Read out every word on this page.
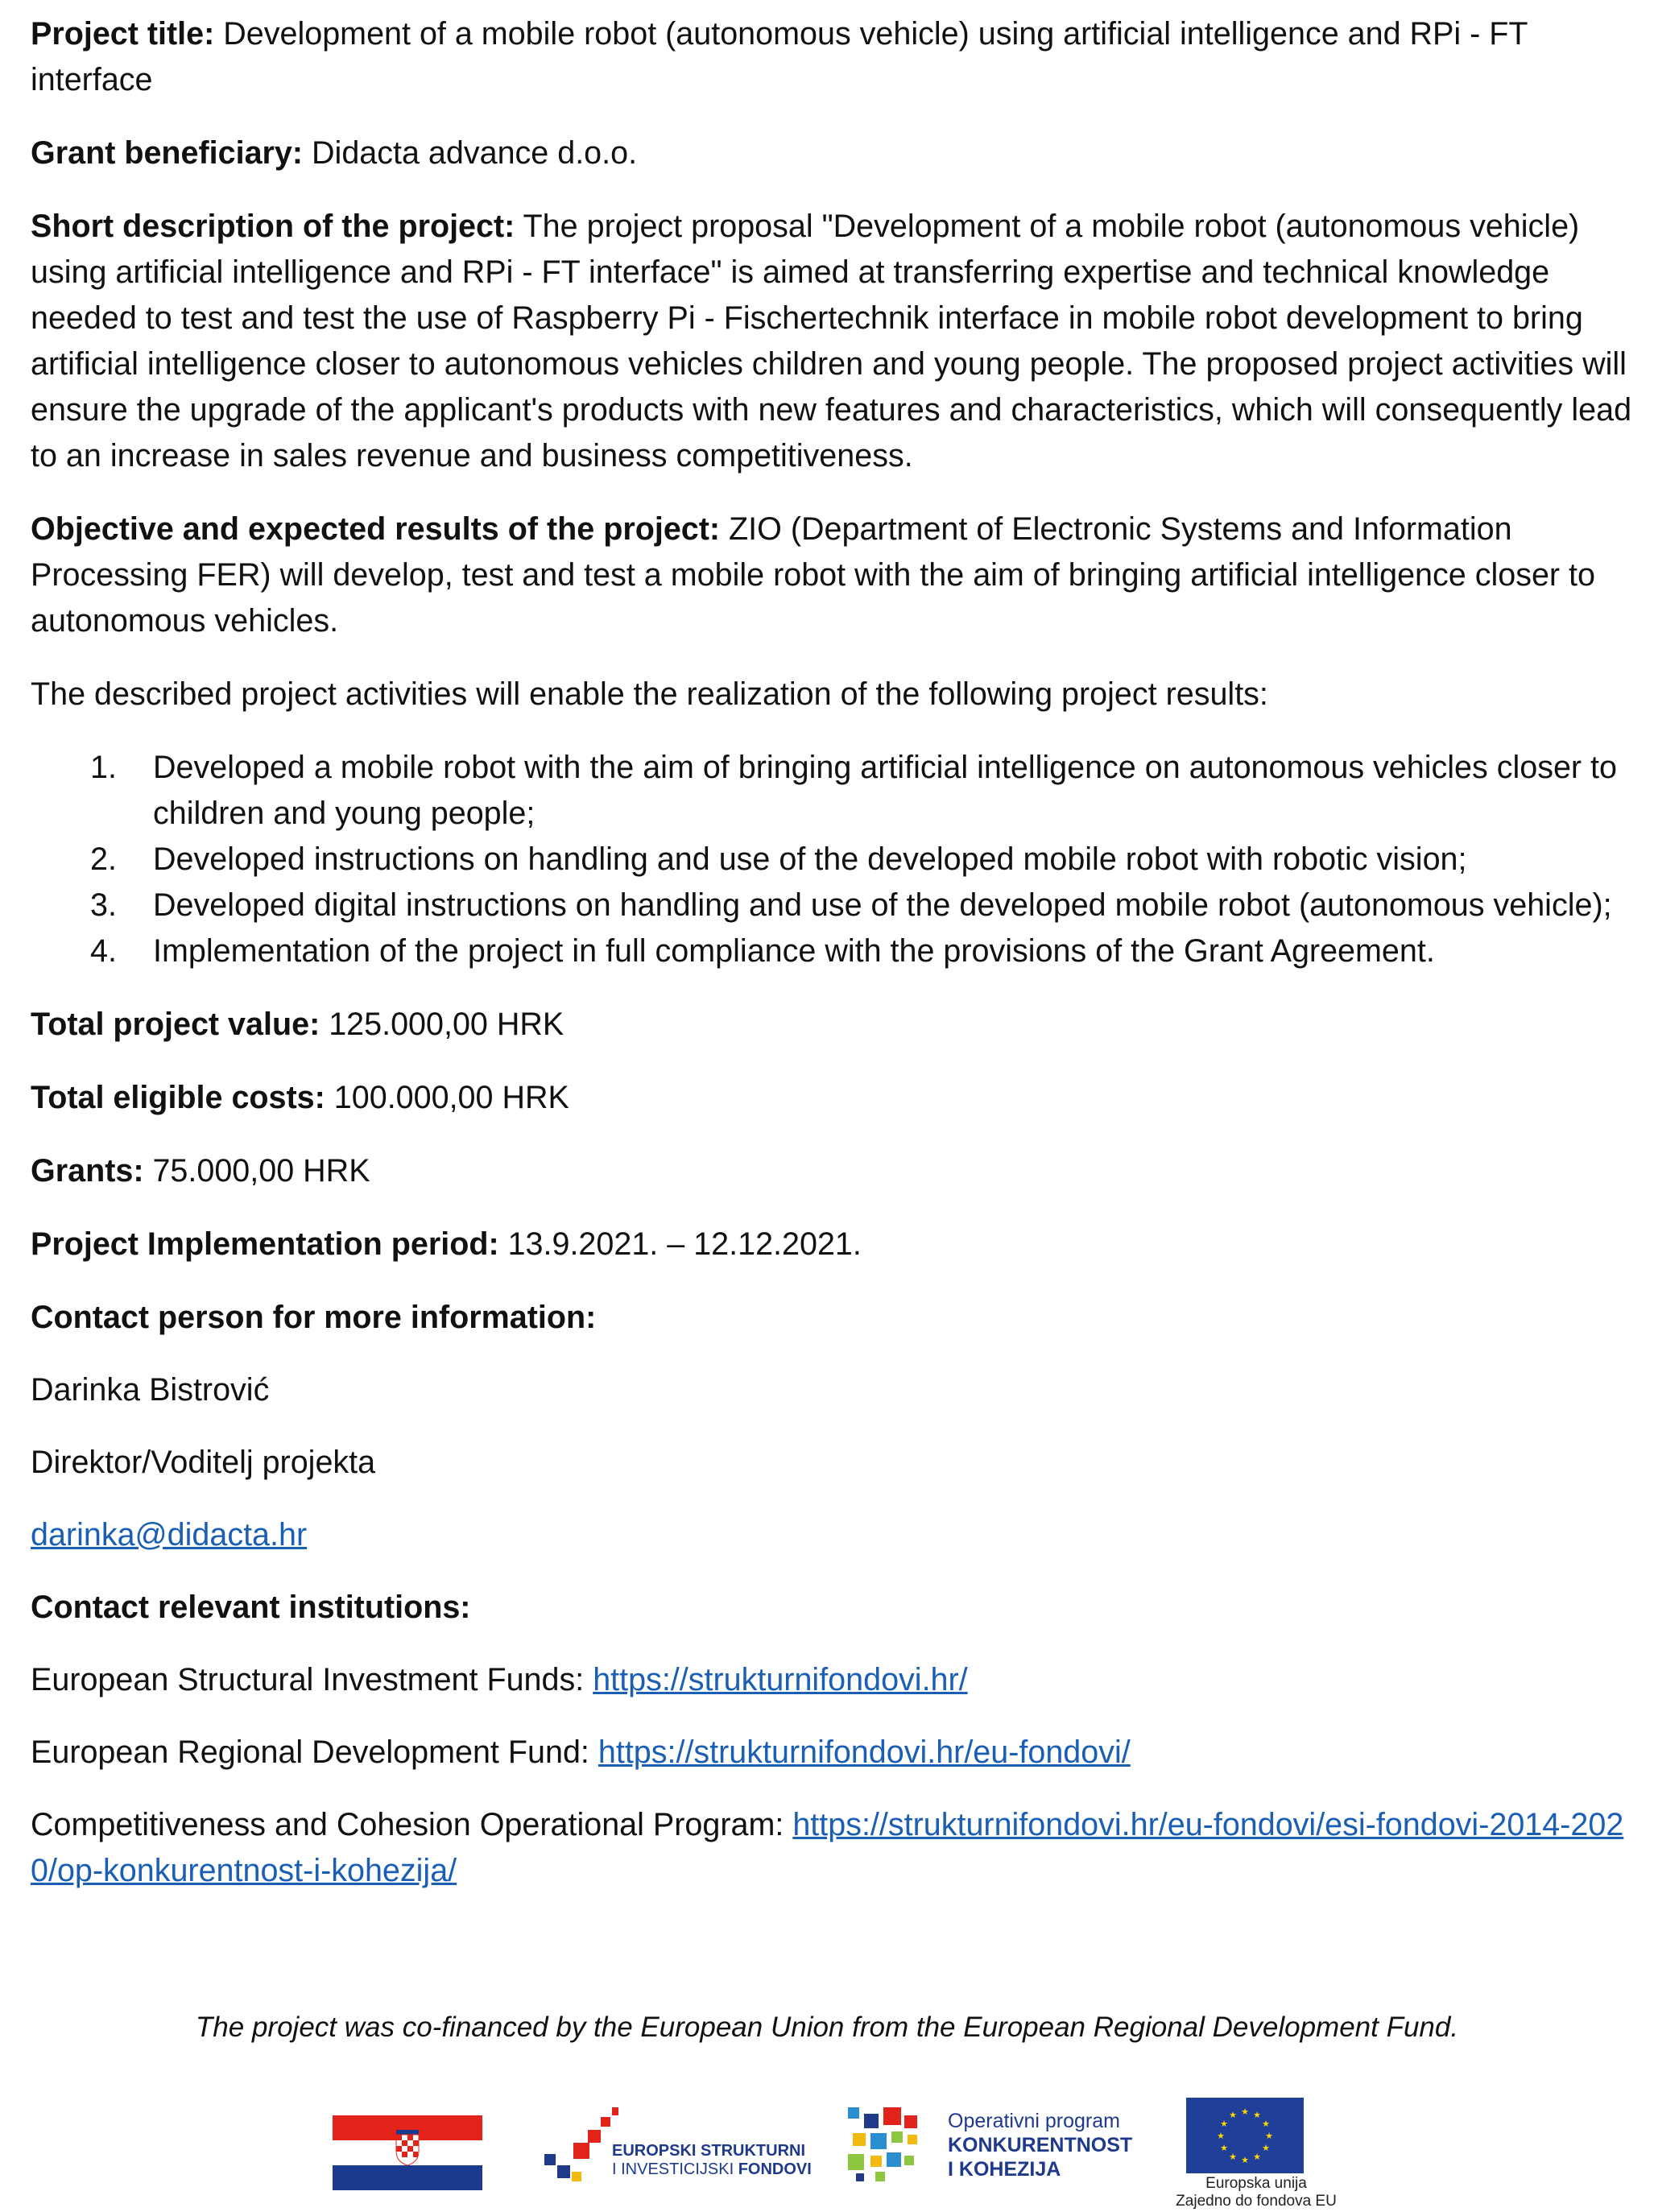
Project title: Development of a mobile robot (autonomous vehicle) using artificial intelligence and RPi - FT interface

Grant beneficiary: Didacta advance d.o.o.

Short description of the project: The project proposal "Development of a mobile robot (autonomous vehicle) using artificial intelligence and RPi - FT interface" is aimed at transferring expertise and technical knowledge needed to test and test the use of Raspberry Pi - Fischertechnik interface in mobile robot development to bring artificial intelligence closer to autonomous vehicles children and young people. The proposed project activities will ensure the upgrade of the applicant's products with new features and characteristics, which will consequently lead to an increase in sales revenue and business competitiveness.

Objective and expected results of the project: ZIO (Department of Electronic Systems and Information Processing FER) will develop, test and test a mobile robot with the aim of bringing artificial intelligence closer to autonomous vehicles.

The described project activities will enable the realization of the following project results:

1. Developed a mobile robot with the aim of bringing artificial intelligence on autonomous vehicles closer to children and young people;
2. Developed instructions on handling and use of the developed mobile robot with robotic vision;
3. Developed digital instructions on handling and use of the developed mobile robot (autonomous vehicle);
4. Implementation of the project in full compliance with the provisions of the Grant Agreement.

Total project value: 125.000,00 HRK

Total eligible costs: 100.000,00 HRK

Grants: 75.000,00 HRK

Project Implementation period: 13.9.2021. – 12.12.2021.

Contact person for more information:

Darinka Bistrović

Direktor/Voditelj projekta

darinka@didacta.hr

Contact relevant institutions:

European Structural Investment Funds: https://strukturnifondovi.hr/

European Regional Development Fund: https://strukturnifondovi.hr/eu-fondovi/

Competitiveness and Cohesion Operational Program: https://strukturnifondovi.hr/eu-fondovi/esi-fondovi-2014-2020/op-konkurentnost-i-kohezija/

The project was co-financed by the European Union from the European Regional Development Fund.
EUROPSKI STRUKTURNI
I INVESTICIJSKI FONDOVI
Operativni program
KONKURENTNOST
I KOHEZIJA
★ ★
★
★
★
★
★
★
★
★
★
★
Europska unija
Zajedno do fondova EU
